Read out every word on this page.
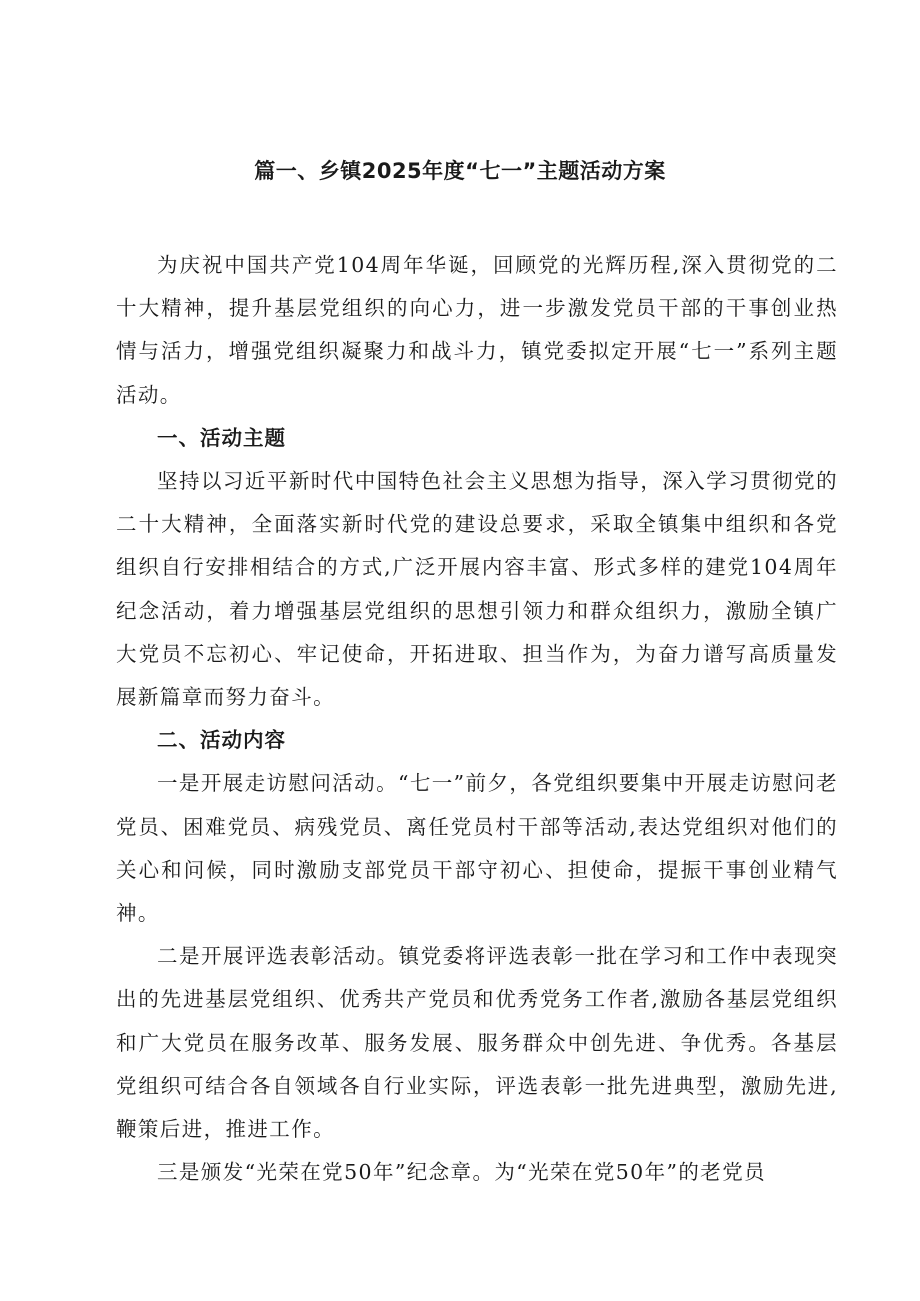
篇一、乡镇2025年度“七一”主题活动方案

为庆祝中国共产党104周年华诞，回顾党的光辉历程,深入贯彻党的二十大精神，提升基层党组织的向心力，进一步激发党员干部的干事创业热情与活力，增强党组织凝聚力和战斗力，镇党委拟定开展“七一”系列主题活动。

一、活动主题

坚持以习近平新时代中国特色社会主义思想为指导，深入学习贯彻党的二十大精神，全面落实新时代党的建设总要求，采取全镇集中组织和各党组织自行安排相结合的方式,广泛开展内容丰富、形式多样的建党104周年纪念活动，着力增强基层党组织的思想引领力和群众组织力，激励全镇广大党员不忘初心、牢记使命，开拓进取、担当作为，为奋力谱写高质量发展新篇章而努力奋斗。

二、活动内容

一是开展走访慰问活动。“七一”前夕，各党组织要集中开展走访慰问老党员、困难党员、病残党员、离任党员村干部等活动,表达党组织对他们的关心和问候，同时激励支部党员干部守初心、担使命，提振干事创业精气神。

二是开展评选表彰活动。镇党委将评选表彰一批在学习和工作中表现突出的先进基层党组织、优秀共产党员和优秀党务工作者,激励各基层党组织和广大党员在服务改革、服务发展、服务群众中创先进、争优秀。各基层党组织可结合各自领域各自行业实际，评选表彰一批先进典型，激励先进,鞭策后进，推进工作。

三是颁发“光荣在党50年”纪念章。为“光荣在党50年”的老党员
